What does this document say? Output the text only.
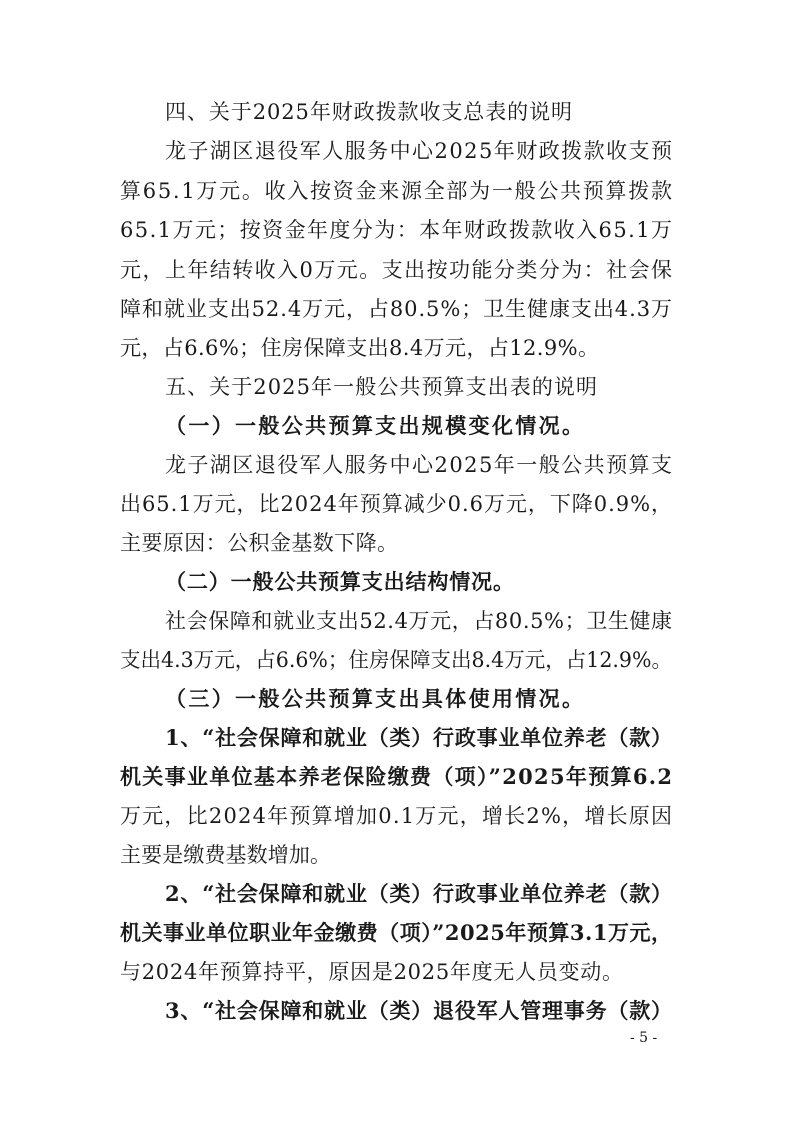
四、关于2025年财政拨款收支总表的说明
龙子湖区退役军人服务中心2025年财政拨款收支预
算65.1万元。收入按资金来源全部为一般公共预算拨款
65.1万元；按资金年度分为：本年财政拨款收入65.1万
元，上年结转收入0万元。支出按功能分类分为：社会保
障和就业支出52.4万元，占80.5%；卫生健康支出4.3万
元，占6.6%；住房保障支出8.4万元，占12.9%。
五、关于2025年一般公共预算支出表的说明
（一）一般公共预算支出规模变化情况。
龙子湖区退役军人服务中心2025年一般公共预算支
出65.1万元，比2024年预算减少0.6万元，下降0.9%，
主要原因：公积金基数下降。
（二）一般公共预算支出结构情况。
社会保障和就业支出52.4万元，占80.5%；卫生健康
支出4.3万元，占6.6%；住房保障支出8.4万元，占12.9%。
（三）一般公共预算支出具体使用情况。
1、“社会保障和就业（类）行政事业单位养老（款）
机关事业单位基本养老保险缴费（项）”2025年预算6.2
万元，比2024年预算增加0.1万元，增长2%，增长原因
主要是缴费基数增加。
2、“社会保障和就业（类）行政事业单位养老（款）
机关事业单位职业年金缴费（项）”2025年预算3.1万元，
与2024年预算持平，原因是2025年度无人员变动。
3、“社会保障和就业（类）退役军人管理事务（款）
- 5 -
